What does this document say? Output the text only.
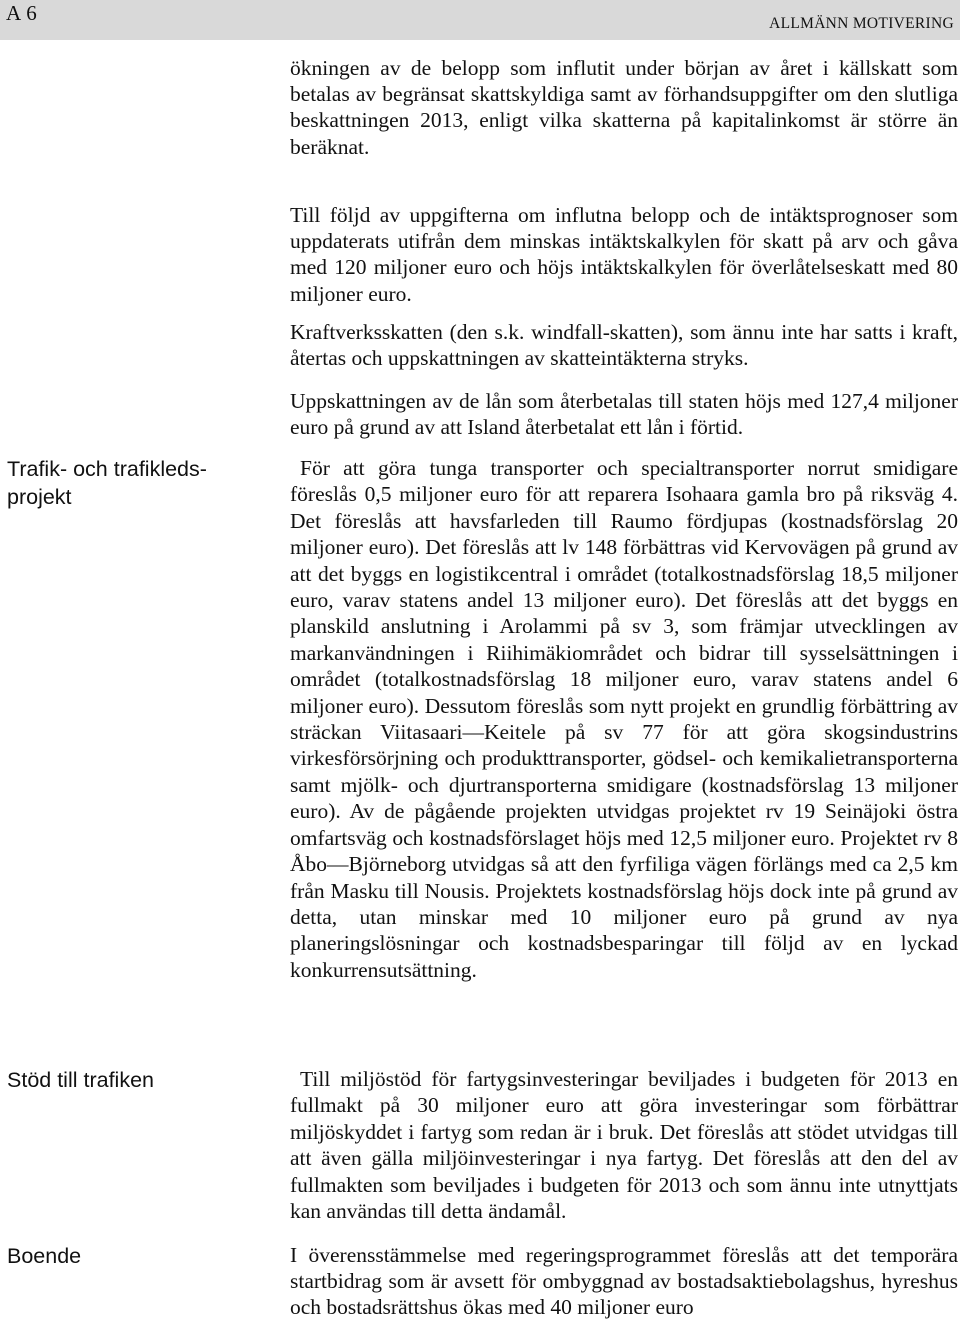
A 6	ALLMÄNN MOTIVERING
Trafik- och trafikleds-
projekt
Stöd till trafiken
Boende

ökningen av de belopp som influtit under början av året i källskatt som betalas av begränsat skattskyldiga samt av förhandsuppgifter om den slutliga beskattningen 2013, enligt vilka skatterna på kapitalinkomst är större än beräknat.

Till följd av uppgifterna om influtna belopp och de intäktsprognoser som uppdaterats utifrån dem minskas intäktskalkylen för skatt på arv och gåva med 120 miljoner euro och höjs intäktskalkylen för överlåtelseskatt med 80 miljoner euro.

Kraftverksskatten (den s.k. windfall-skatten), som ännu inte har satts i kraft, återtas och uppskattningen av skatteintäkterna stryks.

Uppskattningen av de lån som återbetalas till staten höjs med 127,4 miljoner euro på grund av att Island återbetalat ett lån i förtid.

För att göra tunga transporter och specialtransporter norrut smidigare föreslås 0,5 miljoner euro för att reparera Isohaara gamla bro på riksväg 4. Det föreslås att havsfarleden till Raumo fördjupas (kostnadsförslag 20 miljoner euro). Det föreslås att lv 148 förbättras vid Kervovägen på grund av att det byggs en logistikcentral i området (totalkostnadsförslag 18,5 miljoner euro, varav statens andel 13 miljoner euro). Det föreslås att det byggs en planskild anslutning i Arolammi på sv 3, som främjar utvecklingen av markanvändningen i Riihimäkiområdet och bidrar till sysselsättningen i området (totalkostnadsförslag 18 miljoner euro, varav statens andel 6 miljoner euro). Dessutom föreslås som nytt projekt en grundlig förbättring av sträckan Viitasaari—Keitele på sv 77 för att göra skogsindustrins virkesförsörjning och produkttransporter, gödsel- och kemikalietransporterna samt mjölk- och djurtransporterna smidigare (kostnadsförslag 13 miljoner euro). Av de pågående projekten utvidgas projektet rv 19 Seinäjoki östra omfartsväg och kostnadsförslaget höjs med 12,5 miljoner euro. Projektet rv 8 Åbo—Björneborg utvidgas så att den fyrfiliga vägen förlängs med ca 2,5 km från Masku till Nousis. Projektets kostnadsförslag höjs dock inte på grund av detta, utan minskar med 10 miljoner euro på grund av nya planeringslösningar och kostnadsbesparingar till följd av en lyckad konkurrensutsättning.

Till miljöstöd för fartygsinvesteringar beviljades i budgeten för 2013 en fullmakt på 30 miljoner euro att göra investeringar som förbättrar miljöskyddet i fartyg som redan är i bruk. Det föreslås att stödet utvidgas till att även gälla miljöinvesteringar i nya fartyg. Det föreslås att den del av fullmakten som beviljades i budgeten för 2013 och som ännu inte utnyttjats kan användas till detta ändamål.

I överensstämmelse med regeringsprogrammet föreslås att det temporära startbidrag som är avsett för ombyggnad av bostadsaktiebolagshus, hyreshus och bostadsrättshus ökas med 40 miljoner euro
